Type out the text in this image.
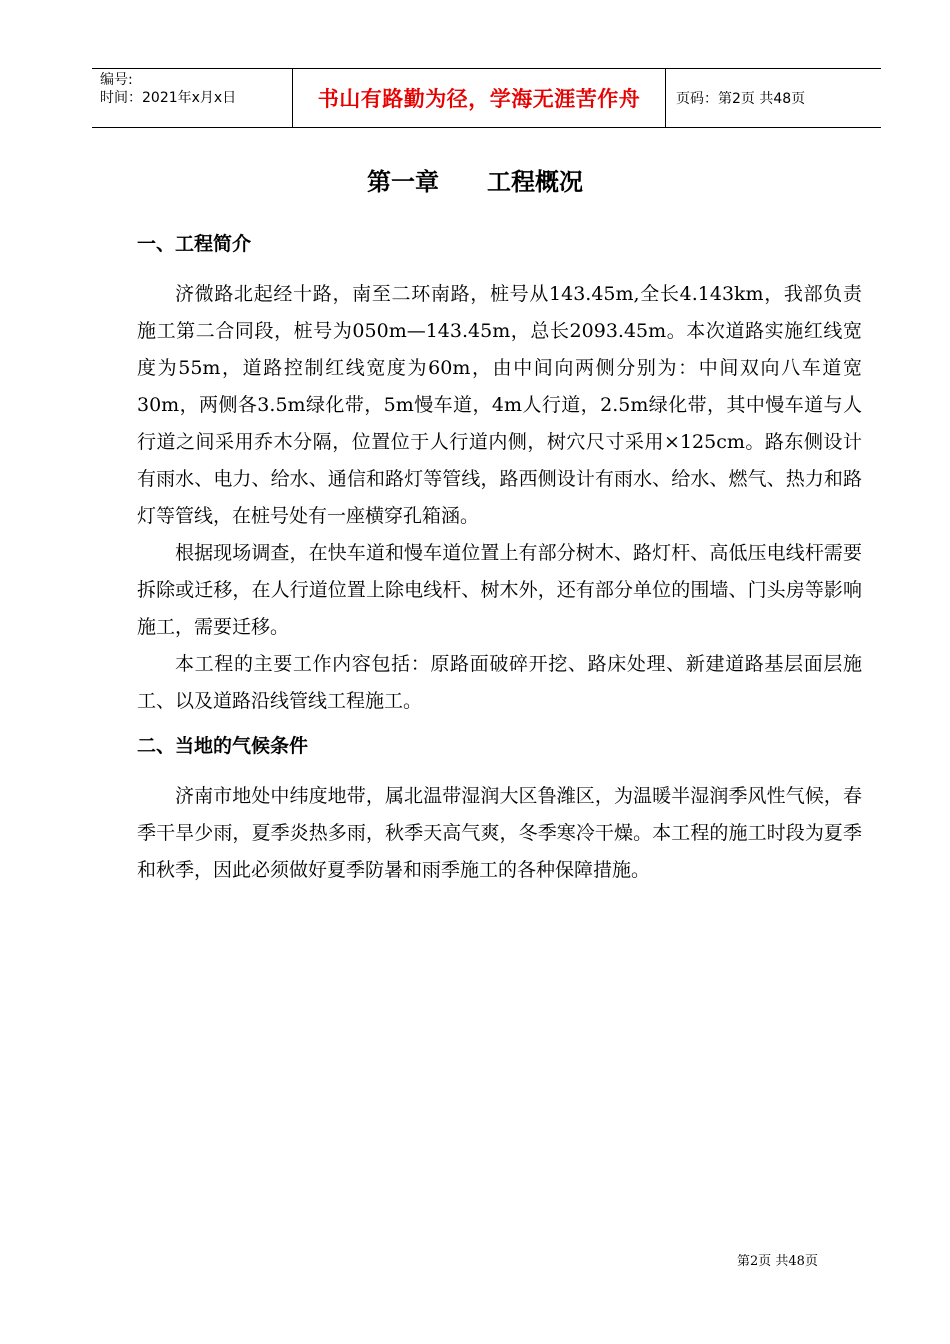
编号:
时间：2021年x月x日	书山有路勤为径，学海无涯苦作舟	页码：第2页 共48页
第一章　　工程概况
一、工程简介

济微路北起经十路，南至二环南路，桩号从143.45m,全长4.143km，我部负责施工第二合同段，桩号为050m—143.45m，总长2093.45m。本次道路实施红线宽度为55m，道路控制红线宽度为60m，由中间向两侧分别为：中间双向八车道宽30m，两侧各3.5m绿化带，5m慢车道，4m人行道，2.5m绿化带，其中慢车道与人行道之间采用乔木分隔，位置位于人行道内侧，树穴尺寸采用×125cm。路东侧设计有雨水、电力、给水、通信和路灯等管线，路西侧设计有雨水、给水、燃气、热力和路灯等管线，在桩号处有一座横穿孔箱涵。

根据现场调查，在快车道和慢车道位置上有部分树木、路灯杆、高低压电线杆需要拆除或迁移，在人行道位置上除电线杆、树木外，还有部分单位的围墙、门头房等影响施工，需要迁移。

本工程的主要工作内容包括：原路面破碎开挖、路床处理、新建道路基层面层施工、以及道路沿线管线工程施工。

二、当地的气候条件

济南市地处中纬度地带，属北温带湿润大区鲁潍区，为温暖半湿润季风性气候，春季干旱少雨，夏季炎热多雨，秋季天高气爽，冬季寒冷干燥。本工程的施工时段为夏季和秋季，因此必须做好夏季防暑和雨季施工的各种保障措施。

第2页 共48页
